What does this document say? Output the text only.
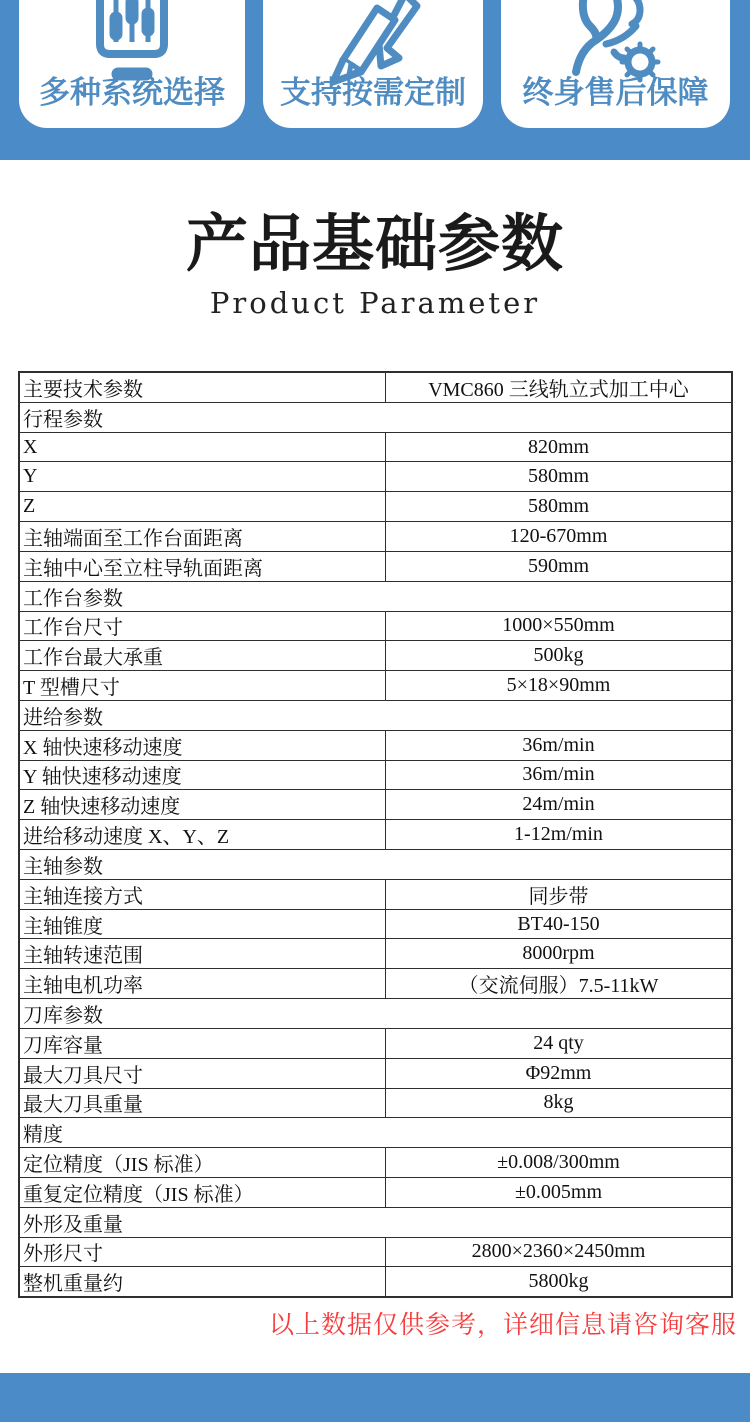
多种系统选择	支持按需定制	终身售后保障
产品基础参数
Product Parameter
主要技术参数	VMC860 三线轨立式加工中心
行程参数
X	820mm
Y	580mm
Z	580mm
主轴端面至工作台面距离	120-670mm
主轴中心至立柱导轨面距离	590mm
工作台参数
工作台尺寸	1000×550mm
工作台最大承重	500kg
T 型槽尺寸	5×18×90mm
进给参数
X 轴快速移动速度	36m/min
Y 轴快速移动速度	36m/min
Z 轴快速移动速度	24m/min
进给移动速度 X、Y、Z	1-12m/min
主轴参数
主轴连接方式	同步带
主轴锥度	BT40-150
主轴转速范围	8000rpm
主轴电机功率	（交流伺服）7.5-11kW
刀库参数
刀库容量	24 qty
最大刀具尺寸	Φ92mm
最大刀具重量	8kg
精度
定位精度（JIS 标准）	±0.008/300mm
重复定位精度（JIS 标准）	±0.005mm
外形及重量
外形尺寸	2800×2360×2450mm
整机重量约	5800kg
以上数据仅供参考，详细信息请咨询客服
